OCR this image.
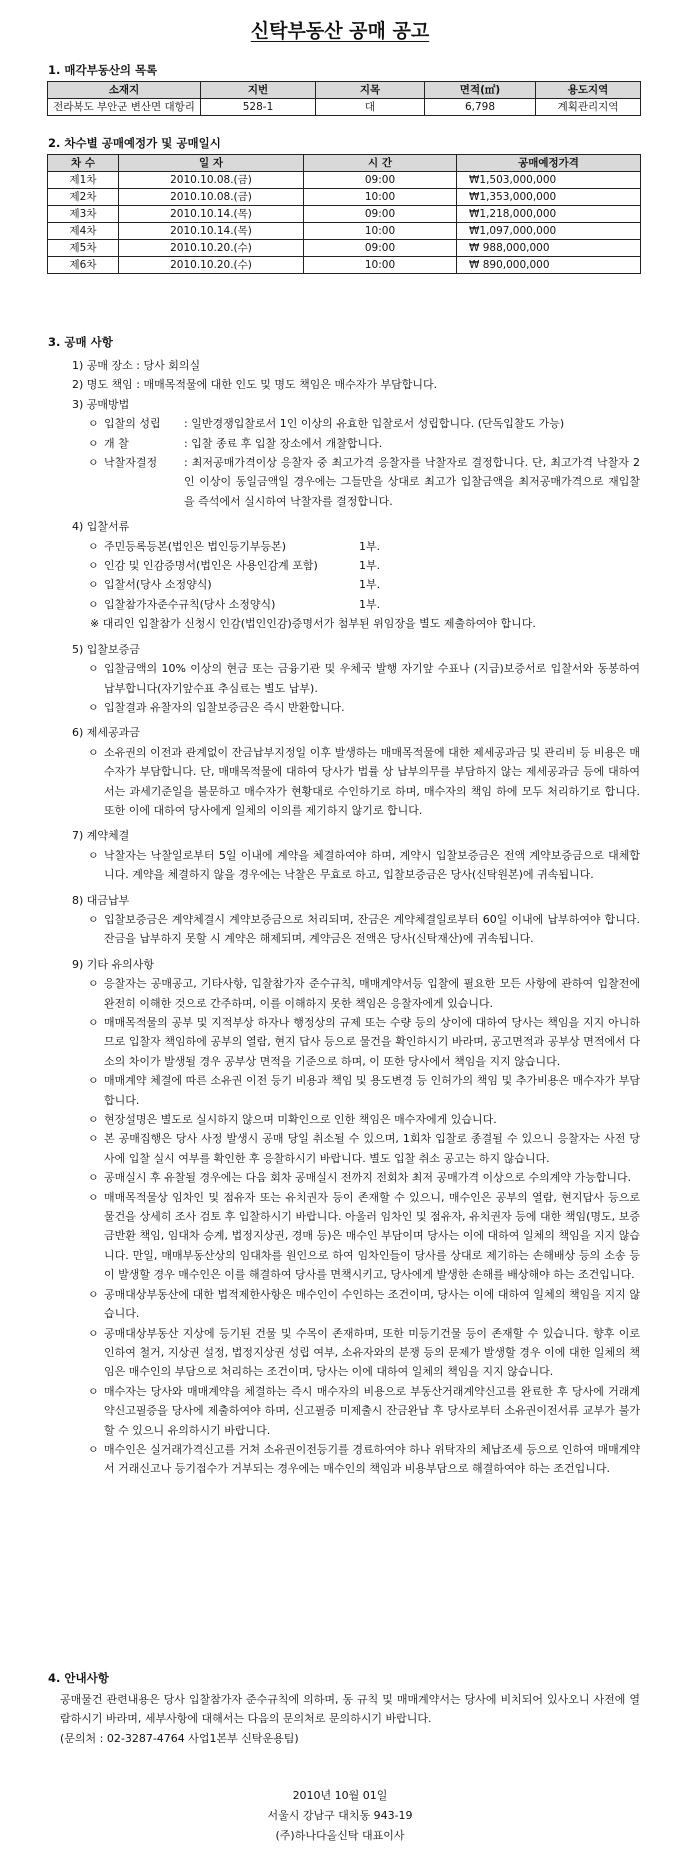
신탁부동산 공매 공고
1. 매각부동산의 목록
소재지	지번	지목	면적(㎡)	용도지역
전라북도 부안군 변산면 대항리	528-1	대	6,798	계획관리지역
2. 차수별 공매예정가 및 공매일시
차 수	일 자	시 간	공매예정가격
제1차	2010.10.08.(금)	09:00	₩1,503,000,000
제2차	2010.10.08.(금)	10:00	₩1,353,000,000
제3차	2010.10.14.(목)	09:00	₩1,218,000,000
제4차	2010.10.14.(목)	10:00	₩1,097,000,000
제5차	2010.10.20.(수)	09:00	₩ 988,000,000
제6차	2010.10.20.(수)	10:00	₩ 890,000,000
3. 공매 사항

1) 공매 장소 : 당사 회의실

2) 명도 책임 : 매매목적물에 대한 인도 및 명도 책임은 매수자가 부담합니다.

3) 공매방법

ㅇ 입찰의 성립	: 일반경쟁입찰로서 1인 이상의 유효한 입찰로서 성립합니다. (단독입찰도 가능)
ㅇ 개 찰	: 입찰 종료 후 입찰 장소에서 개찰합니다.
ㅇ 낙찰자결정	: 최저공매가격이상 응찰자 중 최고가격 응찰자를 낙찰자로 결정합니다. 단, 최고가격 낙찰자 2인 이상이 동일금액일 경우에는 그들만을 상대로 최고가 입찰금액을 최저공매가격으로 재입찰을 즉석에서 실시하여 낙찰자를 결정합니다.

4) 입찰서류

ㅇ 주민등록등본(법인은 법인등기부등본)	1부.
ㅇ 인감 및 인감증명서(법인은 사용인감계 포함)	1부.
ㅇ 입찰서(당사 소정양식)	1부.
ㅇ 입찰참가자준수규칙(당사 소정양식)	1부.

※ 대리인 입찰참가 신청시 인감(법인인감)증명서가 첨부된 위임장을 별도 제출하여야 합니다.

5) 입찰보증금

ㅇ 입찰금액의 10% 이상의 현금 또는 금융기관 및 우체국 발행 자기앞 수표나 (지급)보증서로 입찰서와 동봉하여 납부합니다(자기앞수표 추심료는 별도 납부).
ㅇ 입찰결과 유찰자의 입찰보증금은 즉시 반환합니다.

6) 제세공과금

ㅇ 소유권의 이전과 관계없이 잔금납부지정일 이후 발생하는 매매목적물에 대한 제세공과금 및 관리비 등 비용은 매수자가 부담합니다. 단, 매매목적물에 대하여 당사가 법률 상 납부의무를 부담하지 않는 제세공과금 등에 대하여서는 과세기준일을 불문하고 매수자가 현황대로 수인하기로 하며, 매수자의 책임 하에 모두 처리하기로 합니다. 또한 이에 대하여 당사에게 일체의 이의를 제기하지 않기로 합니다.

7) 계약체결

ㅇ 낙찰자는 낙찰일로부터 5일 이내에 계약을 체결하여야 하며, 계약시 입찰보증금은 전액 계약보증금으로 대체합니다. 계약을 체결하지 않을 경우에는 낙찰은 무효로 하고, 입찰보증금은 당사(신탁원본)에 귀속됩니다.

8) 대금납부

ㅇ 입찰보증금은 계약체결시 계약보증금으로 처리되며, 잔금은 계약체결일로부터 60일 이내에 납부하여야 합니다. 잔금을 납부하지 못할 시 계약은 해제되며, 계약금은 전액은 당사(신탁재산)에 귀속됩니다.

9) 기타 유의사항

ㅇ 응찰자는 공매공고, 기타사항, 입찰참가자 준수규칙, 매매계약서등 입찰에 필요한 모든 사항에 관하여 입찰전에 완전히 이해한 것으로 간주하며, 이를 이해하지 못한 책임은 응찰자에게 있습니다.
ㅇ 매매목적물의 공부 및 지적부상 하자나 행정상의 규제 또는 수량 등의 상이에 대하여 당사는 책임을 지지 아니하므로 입찰자 책임하에 공부의 열람, 현지 답사 등으로 물건을 확인하시기 바라며, 공고면적과 공부상 면적에서 다소의 차이가 발생될 경우 공부상 면적을 기준으로 하며, 이 또한 당사에서 책임을 지지 않습니다.
ㅇ 매매계약 체결에 따른 소유권 이전 등기 비용과 책임 및 용도변경 등 인허가의 책임 및 추가비용은 매수자가 부담합니다.
ㅇ 현장설명은 별도로 실시하지 않으며 미확인으로 인한 책임은 매수자에게 있습니다.
ㅇ 본 공매집행은 당사 사정 발생시 공매 당일 취소될 수 있으며, 1회차 입찰로 종결될 수 있으니 응찰자는 사전 당사에 입찰 실시 여부를 확인한 후 응찰하시기 바랍니다. 별도 입찰 취소 공고는 하지 않습니다.
ㅇ 공매실시 후 유찰될 경우에는 다음 회차 공매실시 전까지 전회차 최저 공매가격 이상으로 수의계약 가능합니다.
ㅇ 매매목적물상 임차인 및 점유자 또는 유치권자 등이 존재할 수 있으니, 매수인은 공부의 열람, 현지답사 등으로 물건을 상세히 조사 검토 후 입찰하시기 바랍니다. 아울러 임차인 및 점유자, 유치권자 등에 대한 책임(명도, 보증금반환 책임, 임대차 승계, 법정지상권, 경매 등)은 매수인 부담이며 당사는 이에 대하여 일체의 책임을 지지 않습니다. 만일, 매매부동산상의 임대차를 원인으로 하여 임차인들이 당사를 상대로 제기하는 손해배상 등의 소송 등이 발생할 경우 매수인은 이를 해결하여 당사를 면책시키고, 당사에게 발생한 손해를 배상해야 하는 조건입니다.
ㅇ 공매대상부동산에 대한 법적제한사항은 매수인이 수인하는 조건이며, 당사는 이에 대하여 일체의 책임을 지지 않습니다.
ㅇ 공매대상부동산 지상에 등기된 건물 및 수목이 존재하며, 또한 미등기건물 등이 존재할 수 있습니다. 향후 이로 인하여 철거, 지상권 설정, 법정지상권 성립 여부, 소유자와의 분쟁 등의 문제가 발생할 경우 이에 대한 일체의 책임은 매수인의 부담으로 처리하는 조건이며, 당사는 이에 대하여 일체의 책임을 지지 않습니다.
ㅇ 매수자는 당사와 매매계약을 체결하는 즉시 매수자의 비용으로 부동산거래계약신고를 완료한 후 당사에 거래계약신고필증을 당사에 제출하여야 하며, 신고필증 미제출시 잔금완납 후 당사로부터 소유권이전서류 교부가 불가할 수 있으니 유의하시기 바랍니다.
ㅇ 매수인은 실거래가격신고를 거쳐 소유권이전등기를 경료하여야 하나 위탁자의 체납조세 등으로 인하여 매매계약서 거래신고나 등기접수가 거부되는 경우에는 매수인의 책임과 비용부담으로 해결하여야 하는 조건입니다.
4. 안내사항

공매물건 관련내용은 당사 입찰참가자 준수규칙에 의하며, 동 규칙 및 매매계약서는 당사에 비치되어 있사오니 사전에 열람하시기 바라며, 세부사항에 대해서는 다음의 문의처로 문의하시기 바랍니다.

(문의처 : 02-3287-4764 사업1본부 신탁운용팀)

2010년 10월 01일
서울시 강남구 대치동 943-19
(주)하나다올신탁 대표이사
